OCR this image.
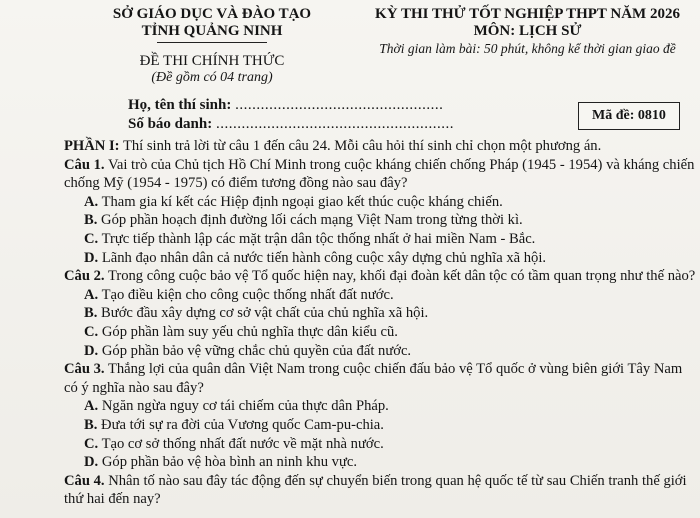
SỞ GIÁO DỤC VÀ ĐÀO TẠO
TỈNH QUẢNG NINH
ĐỀ THI CHÍNH THỨC
(Đề gồm có 04 trang)
KỲ THI THỬ TỐT NGHIỆP THPT NĂM 2026
MÔN: LỊCH SỬ
Thời gian làm bài: 50 phút, không kể thời gian giao đề
Họ, tên thí sinh: .................................................
Số báo danh: ........................................................
Mã đề: 0810

PHẦN I: Thí sinh trả lời từ câu 1 đến câu 24. Mỗi câu hỏi thí sinh chỉ chọn một phương án.

Câu 1. Vai trò của Chủ tịch Hồ Chí Minh trong cuộc kháng chiến chống Pháp (1945 - 1954) và kháng chiến chống Mỹ (1954 - 1975) có điểm tương đồng nào sau đây?

A. Tham gia kí kết các Hiệp định ngoại giao kết thúc cuộc kháng chiến.

B. Góp phần hoạch định đường lối cách mạng Việt Nam trong từng thời kì.

C. Trực tiếp thành lập các mặt trận dân tộc thống nhất ở hai miền Nam - Bắc.

D. Lãnh đạo nhân dân cả nước tiến hành công cuộc xây dựng chủ nghĩa xã hội.

Câu 2. Trong công cuộc bảo vệ Tổ quốc hiện nay, khối đại đoàn kết dân tộc có tầm quan trọng như thế nào?

A. Tạo điều kiện cho công cuộc thống nhất đất nước.

B. Bước đầu xây dựng cơ sở vật chất của chủ nghĩa xã hội.

C. Góp phần làm suy yếu chủ nghĩa thực dân kiểu cũ.

D. Góp phần bảo vệ vững chắc chủ quyền của đất nước.

Câu 3. Thắng lợi của quân dân Việt Nam trong cuộc chiến đấu bảo vệ Tổ quốc ở vùng biên giới Tây Nam có ý nghĩa nào sau đây?

A. Ngăn ngừa nguy cơ tái chiếm của thực dân Pháp.

B. Đưa tới sự ra đời của Vương quốc Cam-pu-chia.

C. Tạo cơ sở thống nhất đất nước về mặt nhà nước.

D. Góp phần bảo vệ hòa bình an ninh khu vực.

Câu 4. Nhân tố nào sau đây tác động đến sự chuyển biến trong quan hệ quốc tế từ sau Chiến tranh thế giới thứ hai đến nay?
